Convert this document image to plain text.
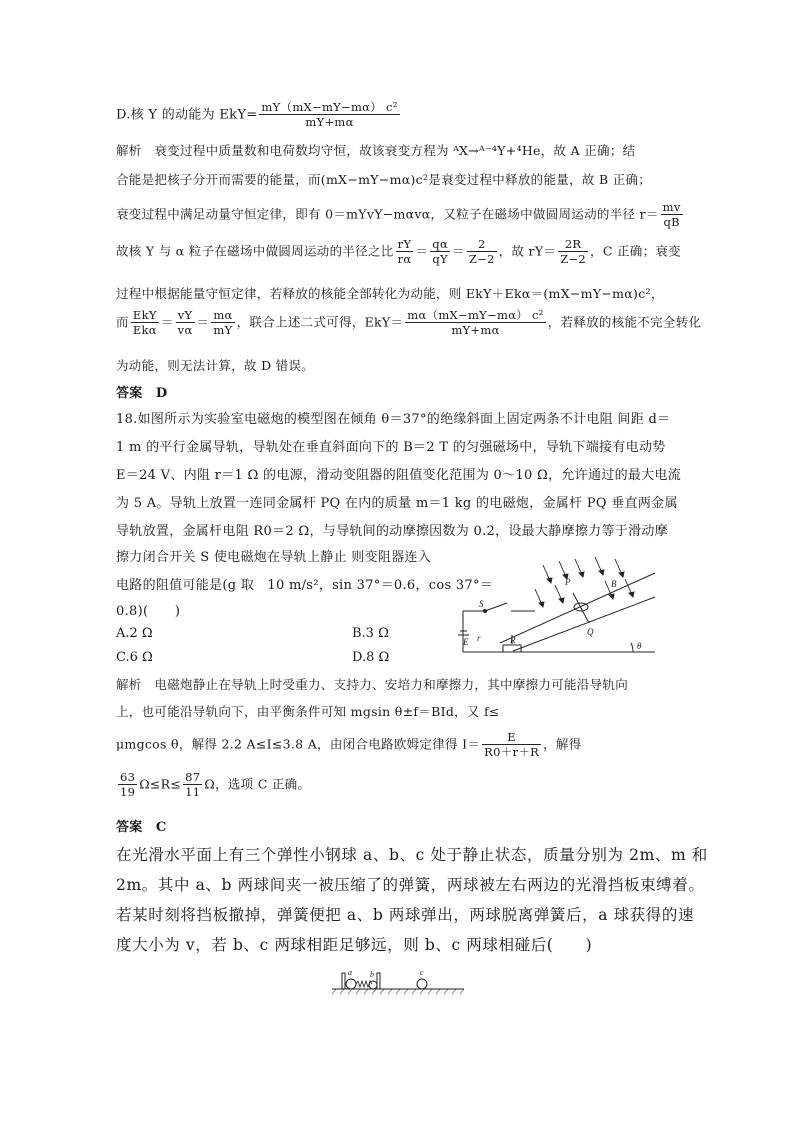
D.核 Y 的动能为 $EkY= \frac{\text{mY（mX−mY−mα） c²}}{mY+m\alpha}$
解析　衰变过程中质量数和电荷数均守恒，故该衰变方程为 ᴬX→ᴬ⁻⁴Y+⁴He，故 A 正确；结
合能是把核子分开而需要的能量，而(mX−mY−mα)c²是衰变过程中释放的能量，故 B 正确；
衰变过程中满足动量守恒定律，即有 0＝mYvY−mαvα，又粒子在磁场中做圆周运动的半径 $r= \frac{mv}{qB}$
故核 Y 与 α 粒子在磁场中做圆周运动的半径之比 $\frac{rY}{r\alpha} = \frac{q\alpha}{qY} = \frac{2}{Z-2}$ ，故 $rY= \frac{2R}{Z-2}$ ，C 正确；衰变
过程中根据能量守恒定律，若释放的核能全部转化为动能，则 EkY＋Ekα＝(mX−mY−mα)c²，
而 $\frac{\text{EkY}}{\text{Ekα}} = \frac{vY}{v\alpha} = \frac{m\alpha}{mY}$ ，联合上述二式可得，$EkY= \frac{\text{mα（mX−mY−mα） c²}}{mY+m\alpha}$ ，若释放的核能不完全转化
为动能，则无法计算，故 D 错误。
答案　D
18.如图所示为实验室电磁炮的模型图在倾角 θ＝37°的绝缘斜面上固定两条不计电阻 间距 d＝
1 m 的平行金属导轨，导轨处在垂直斜面向下的 B＝2 T 的匀强磁场中，导轨下端接有电动势
E＝24 V、内阻 r＝1 Ω 的电源，滑动变阻器的阻值变化范围为 0～10 Ω，允许通过的最大电流
为 5 A。导轨上放置一连同金属杆 PQ 在内的质量 m＝1 kg 的电磁炮，金属杆 PQ 垂直两金属
导轨放置，金属杆电阻 R0＝2 Ω，与导轨间的动摩擦因数为 0.2，设最大静摩擦力等于滑动摩
擦力闭合开关 S 使电磁炮在导轨上静止 则变阻器连入
电路的阻值可能是(g 取　10 m/s²，sin 37°＝0.6，cos 37°＝
0.8)(　　)
A.2 Ω	B.3 Ω
C.6 Ω	D.8 Ω
S
P	B
Q
E r	R
θ
解析　电磁炮静止在导轨上时受重力、支持力、安培力和摩擦力，其中摩擦力可能沿导轨向
上，也可能沿导轨向下，由平衡条件可知 mgsin θ±f＝BId，又 f≤
μmgcos θ，解得 2.2 A≤I≤3.8 A，由闭合电路欧姆定律得 $I= \frac{E}{R0+r+R}$ ，解得
$\frac{63}{19} \Omega\le R\le \frac{87}{11}$ Ω，选项 C 正确。
答案　C
在光滑水平面上有三个弹性小钢球 a、b、c 处于静止状态，质量分别为 2m、m 和
2m。其中 a、b 两球间夹一被压缩了的弹簧，两球被左右两边的光滑挡板束缚着。
若某时刻将挡板撤掉，弹簧便把 a、b 两球弹出，两球脱离弹簧后，a 球获得的速
度大小为 v，若 b、c 两球相距足够远，则 b、c 两球相碰后(　　)
a b	c
